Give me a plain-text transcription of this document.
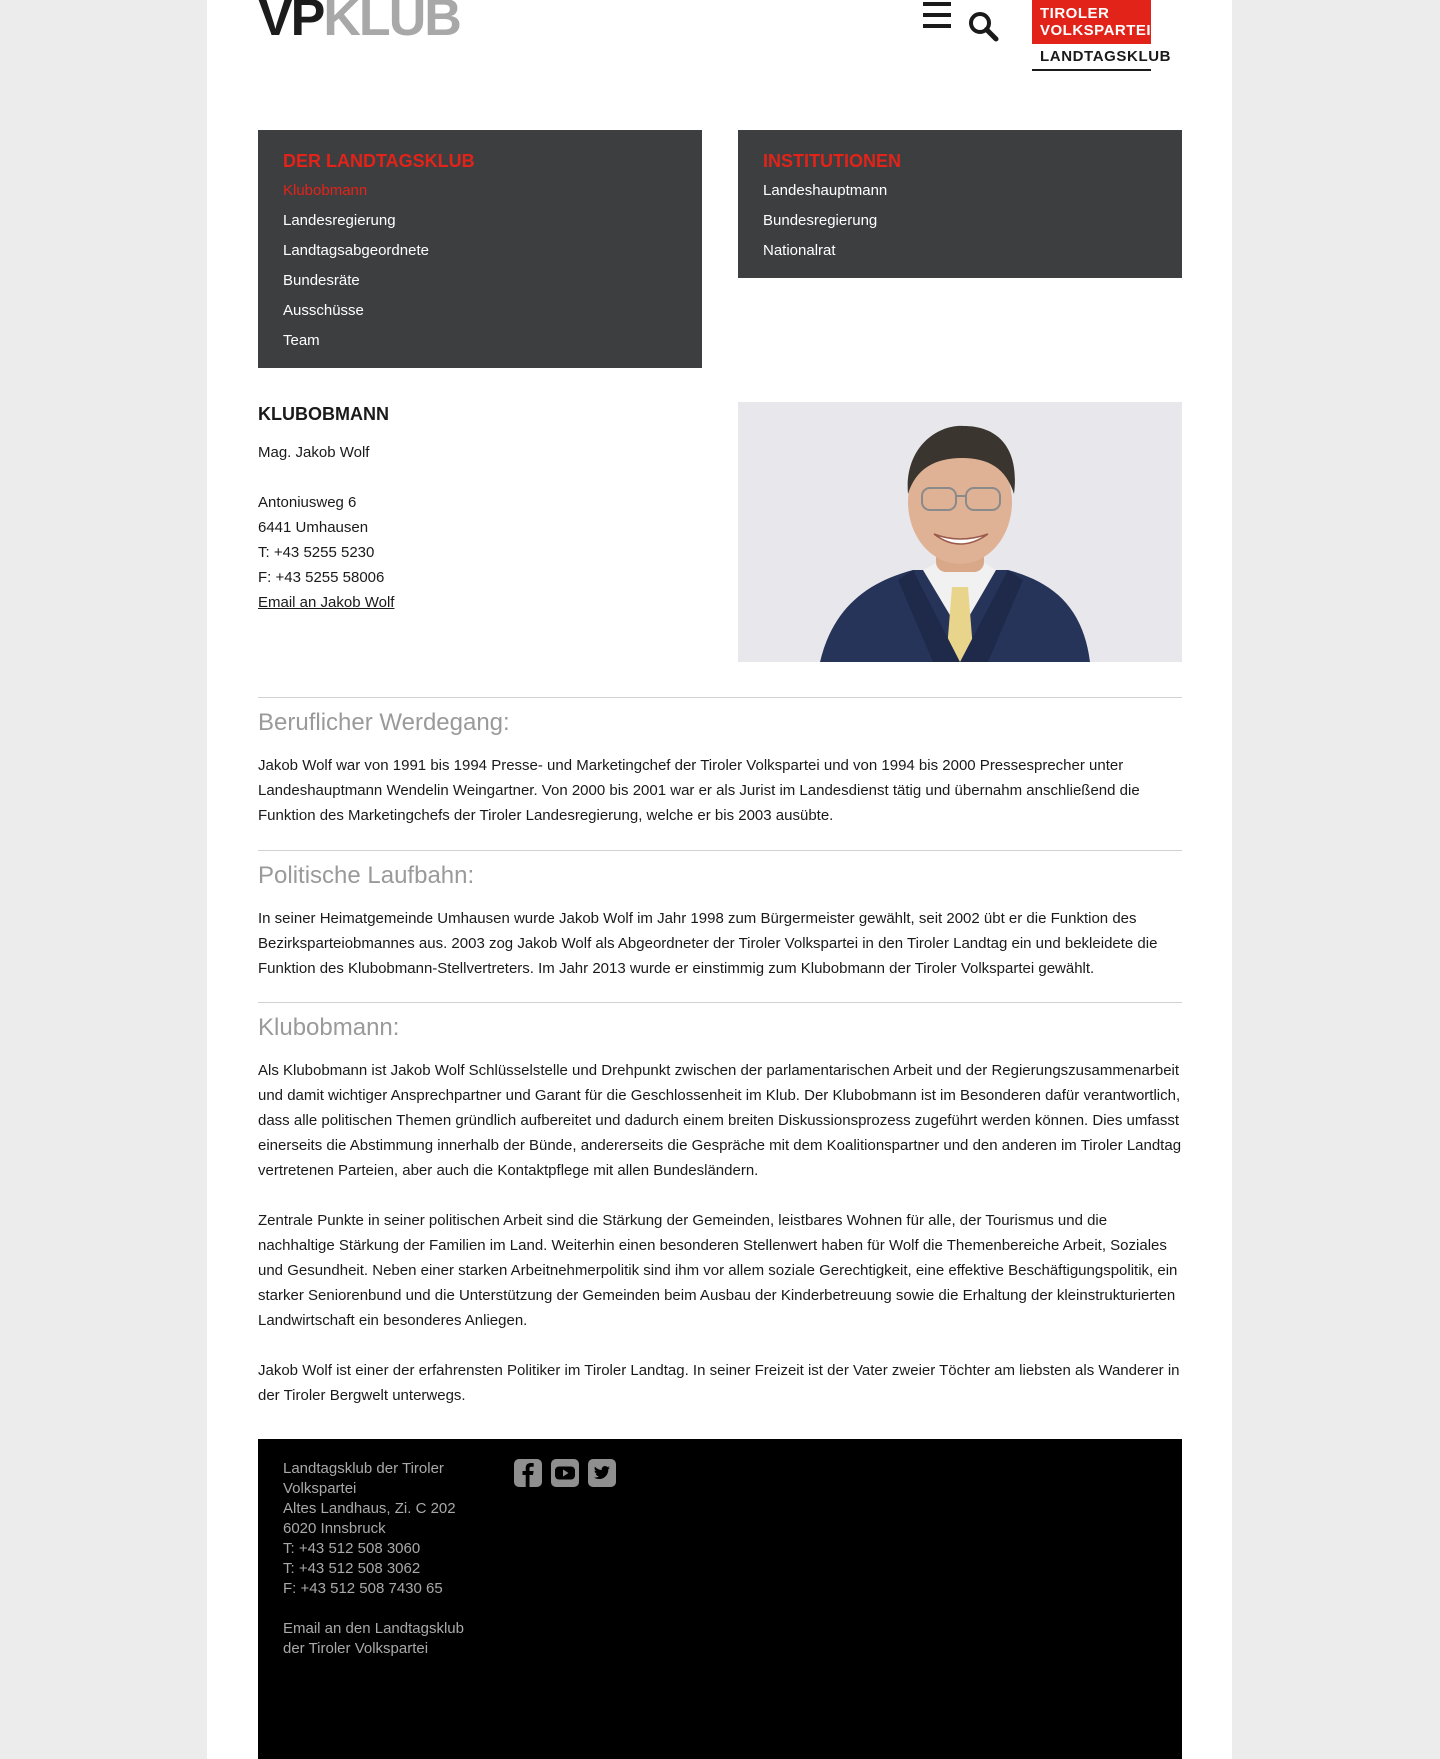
VPKLUB	TIROLER
VOLKSPARTEI
LANDTAGSKLUB
DER LANDTAGSKLUB
Klubobmann
Landesregierung
Landtagsabgeordnete
Bundesräte
Ausschüsse
Team
INSTITUTIONEN
Landeshauptmann
Bundesregierung
Nationalrat
KLUBOBMANN
Mag. Jakob Wolf
Antoniusweg 6
6441 Umhausen
T: +43 5255 5230
F: +43 5255 58006
Email an Jakob Wolf
Beruflicher Werdegang:

Jakob Wolf war von 1991 bis 1994 Presse- und Marketingchef der Tiroler Volkspartei und von 1994 bis 2000 Pressesprecher unter Landeshauptmann Wendelin Weingartner. Von 2000 bis 2001 war er als Jurist im Landesdienst tätig und übernahm anschließend die Funktion des Marketingchefs der Tiroler Landesregierung, welche er bis 2003 ausübte.

Politische Laufbahn:

In seiner Heimatgemeinde Umhausen wurde Jakob Wolf im Jahr 1998 zum Bürgermeister gewählt, seit 2002 übt er die Funktion des Bezirksparteiobmannes aus. 2003 zog Jakob Wolf als Abgeordneter der Tiroler Volkspartei in den Tiroler Landtag ein und bekleidete die Funktion des Klubobmann-Stellvertreters. Im Jahr 2013 wurde er einstimmig zum Klubobmann der Tiroler Volkspartei gewählt.

Klubobmann:

Als Klubobmann ist Jakob Wolf Schlüsselstelle und Drehpunkt zwischen der parlamentarischen Arbeit und der Regierungszusammenarbeit und damit wichtiger Ansprechpartner und Garant für die Geschlossenheit im Klub. Der Klubobmann ist im Besonderen dafür verantwortlich, dass alle politischen Themen gründlich aufbereitet und dadurch einem breiten Diskussionsprozess zugeführt werden können. Dies umfasst einerseits die Abstimmung innerhalb der Bünde, andererseits die Gespräche mit dem Koalitionspartner und den anderen im Tiroler Landtag vertretenen Parteien, aber auch die Kontaktpflege mit allen Bundesländern.

Zentrale Punkte in seiner politischen Arbeit sind die Stärkung der Gemeinden, leistbares Wohnen für alle, der Tourismus und die nachhaltige Stärkung der Familien im Land. Weiterhin einen besonderen Stellenwert haben für Wolf die Themenbereiche Arbeit, Soziales und Gesundheit. Neben einer starken Arbeitnehmerpolitik sind ihm vor allem soziale Gerechtigkeit, eine effektive Beschäftigungspolitik, ein starker Seniorenbund und die Unterstützung der Gemeinden beim Ausbau der Kinderbetreuung sowie die Erhaltung der kleinstrukturierten Landwirtschaft ein besonderes Anliegen.

Jakob Wolf ist einer der erfahrensten Politiker im Tiroler Landtag. In seiner Freizeit ist der Vater zweier Töchter am liebsten als Wanderer in der Tiroler Bergwelt unterwegs.

Landtagsklub der Tiroler Volkspartei
Altes Landhaus, Zi. C 202
6020 Innsbruck
T: +43 512 508 3060
T: +43 512 508 3062
F: +43 512 508 7430 65
Email an den Landtagsklub der Tiroler Volkspartei
